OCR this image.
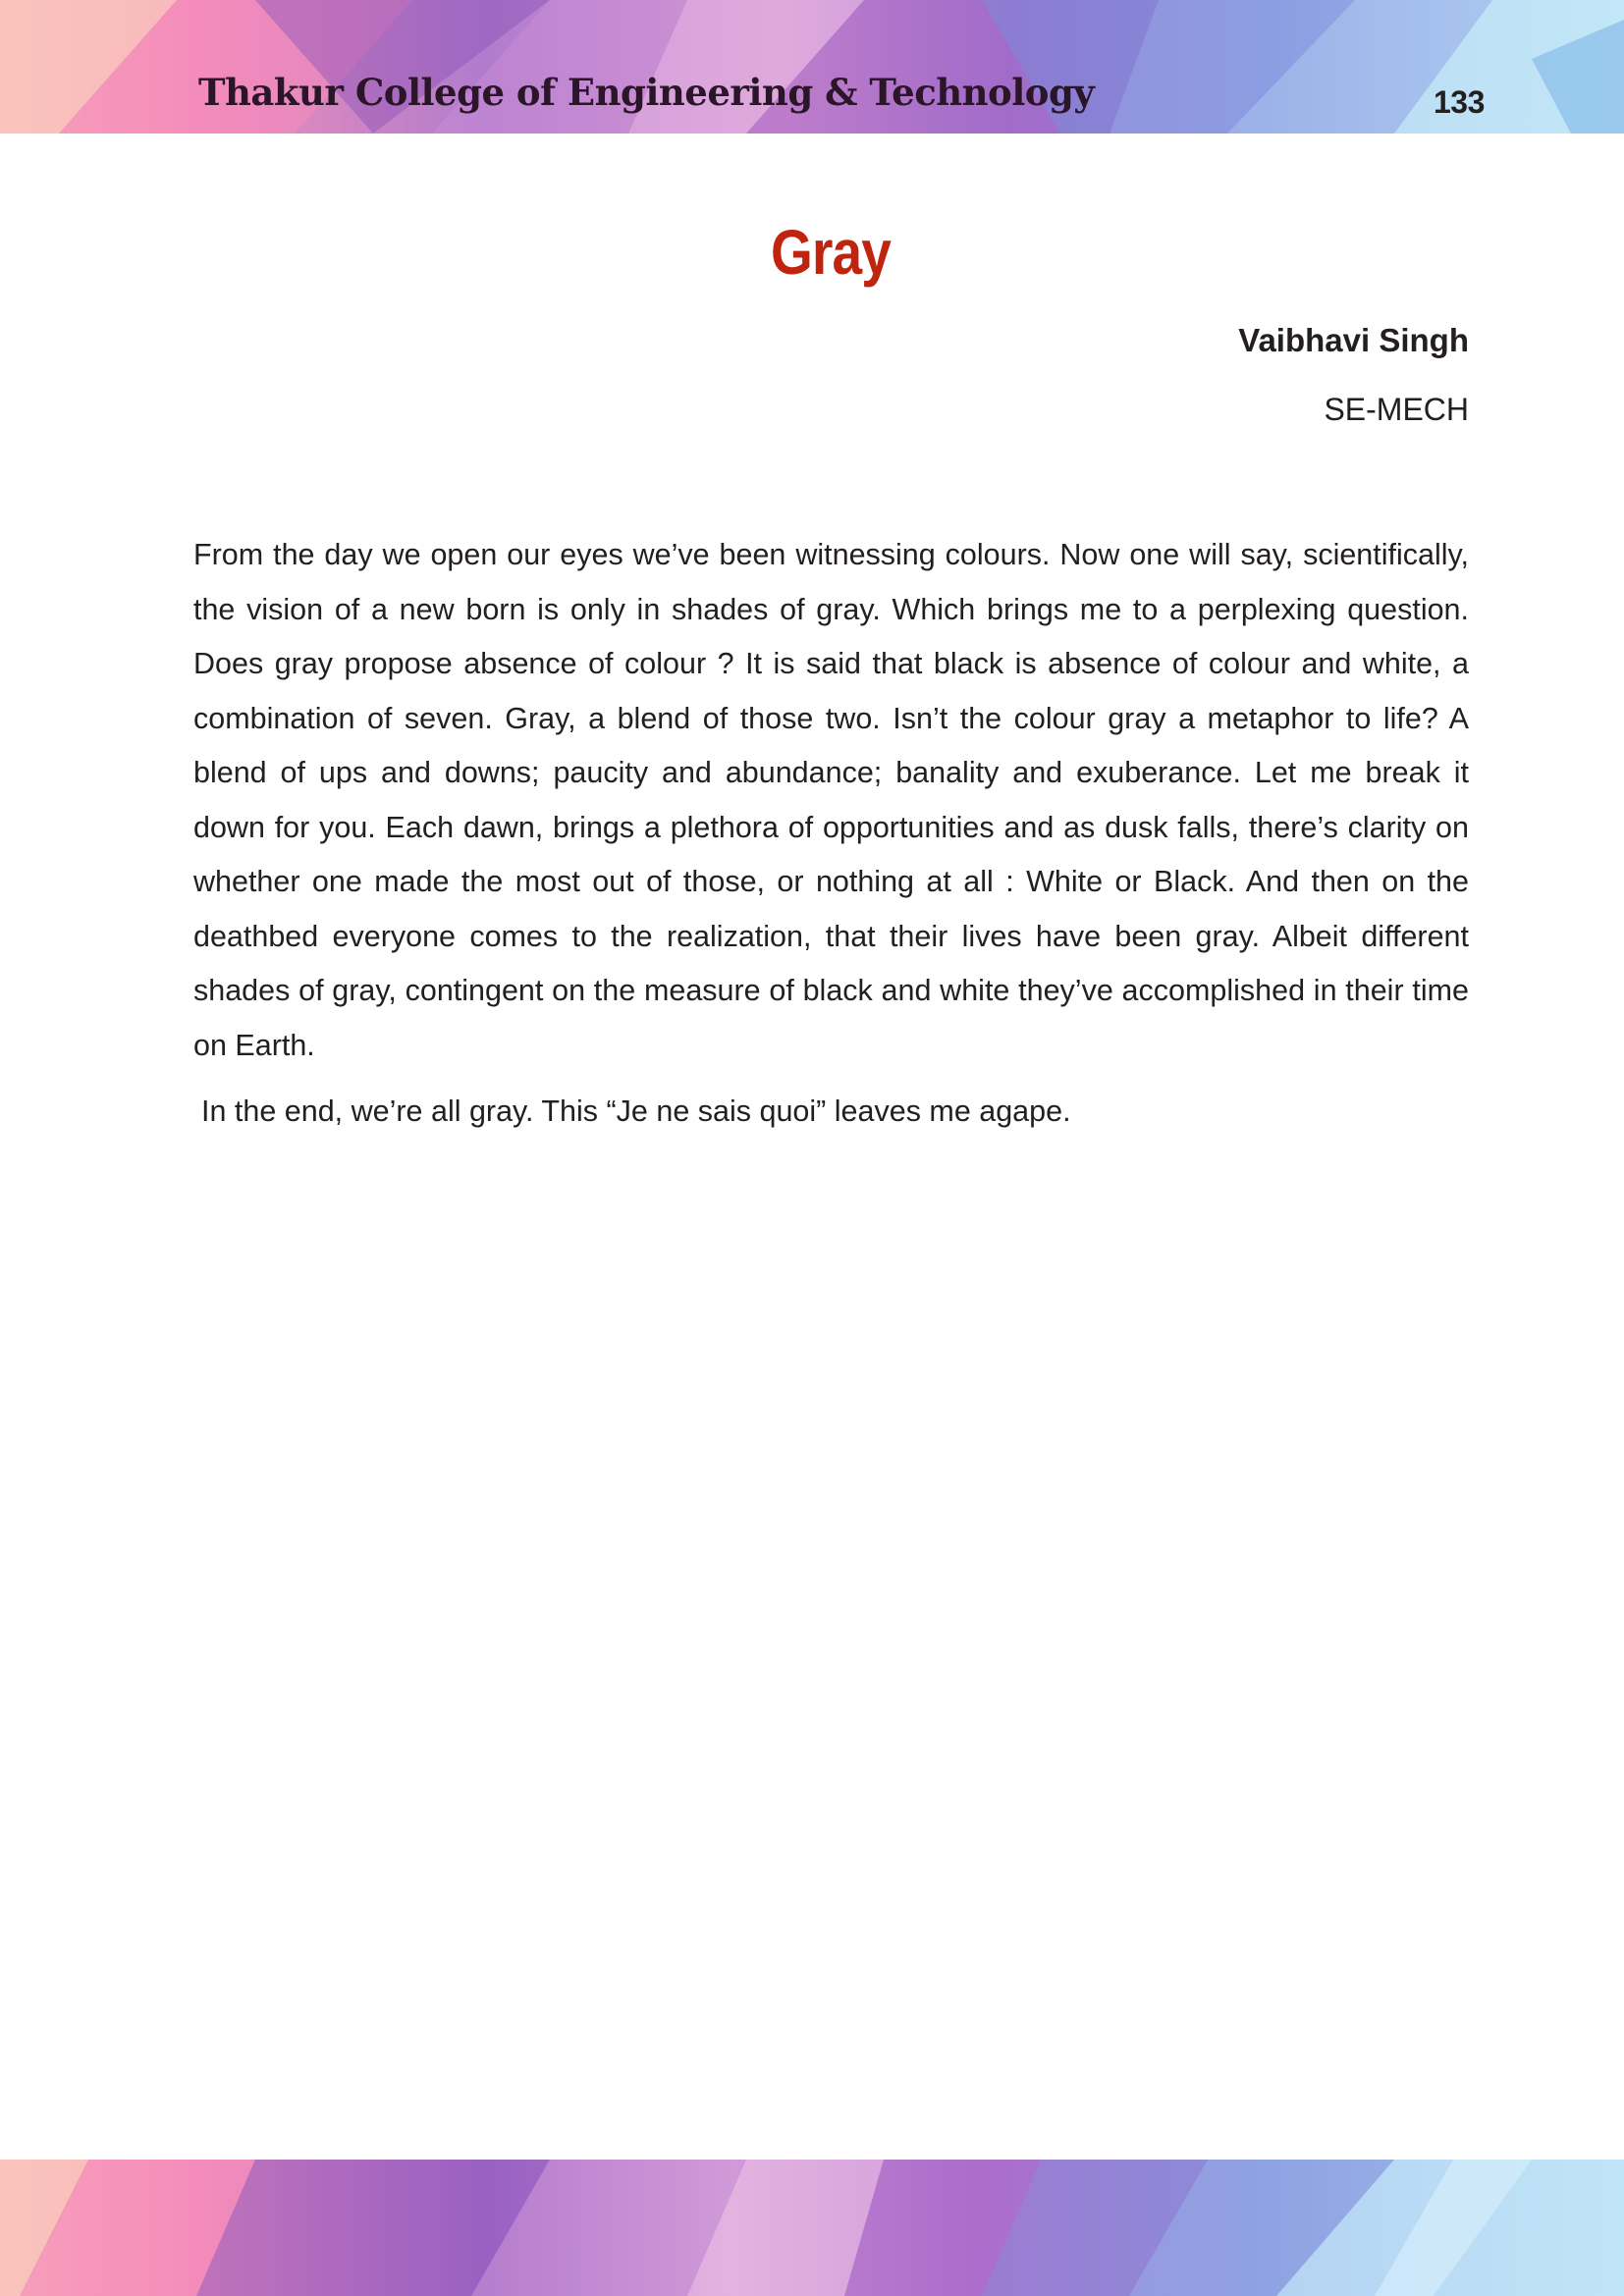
Thakur College of Engineering & Technology	133
Gray
Vaibhavi Singh
SE-MECH

From the day we open our eyes we’ve been witnessing colours. Now one will say, scientifically, the vision of a new born is only in shades of gray. Which brings me to a perplexing question. Does gray propose absence of colour ? It is said that black is absence of colour and white, a combination of seven. Gray, a blend of those two. Isn’t the colour gray a metaphor to life? A blend of ups and downs; paucity and abundance; banality and exuberance. Let me break it down for you. Each dawn, brings a plethora of opportunities and as dusk falls, there’s clarity on whether one made the most out of those, or nothing at all : White or Black. And then on the deathbed everyone comes to the realization, that their lives have been gray. Albeit different shades of gray, contingent on the measure of black and white they’ve accomplished in their time on Earth.

In the end, we’re all gray. This “Je ne sais quoi” leaves me agape.
